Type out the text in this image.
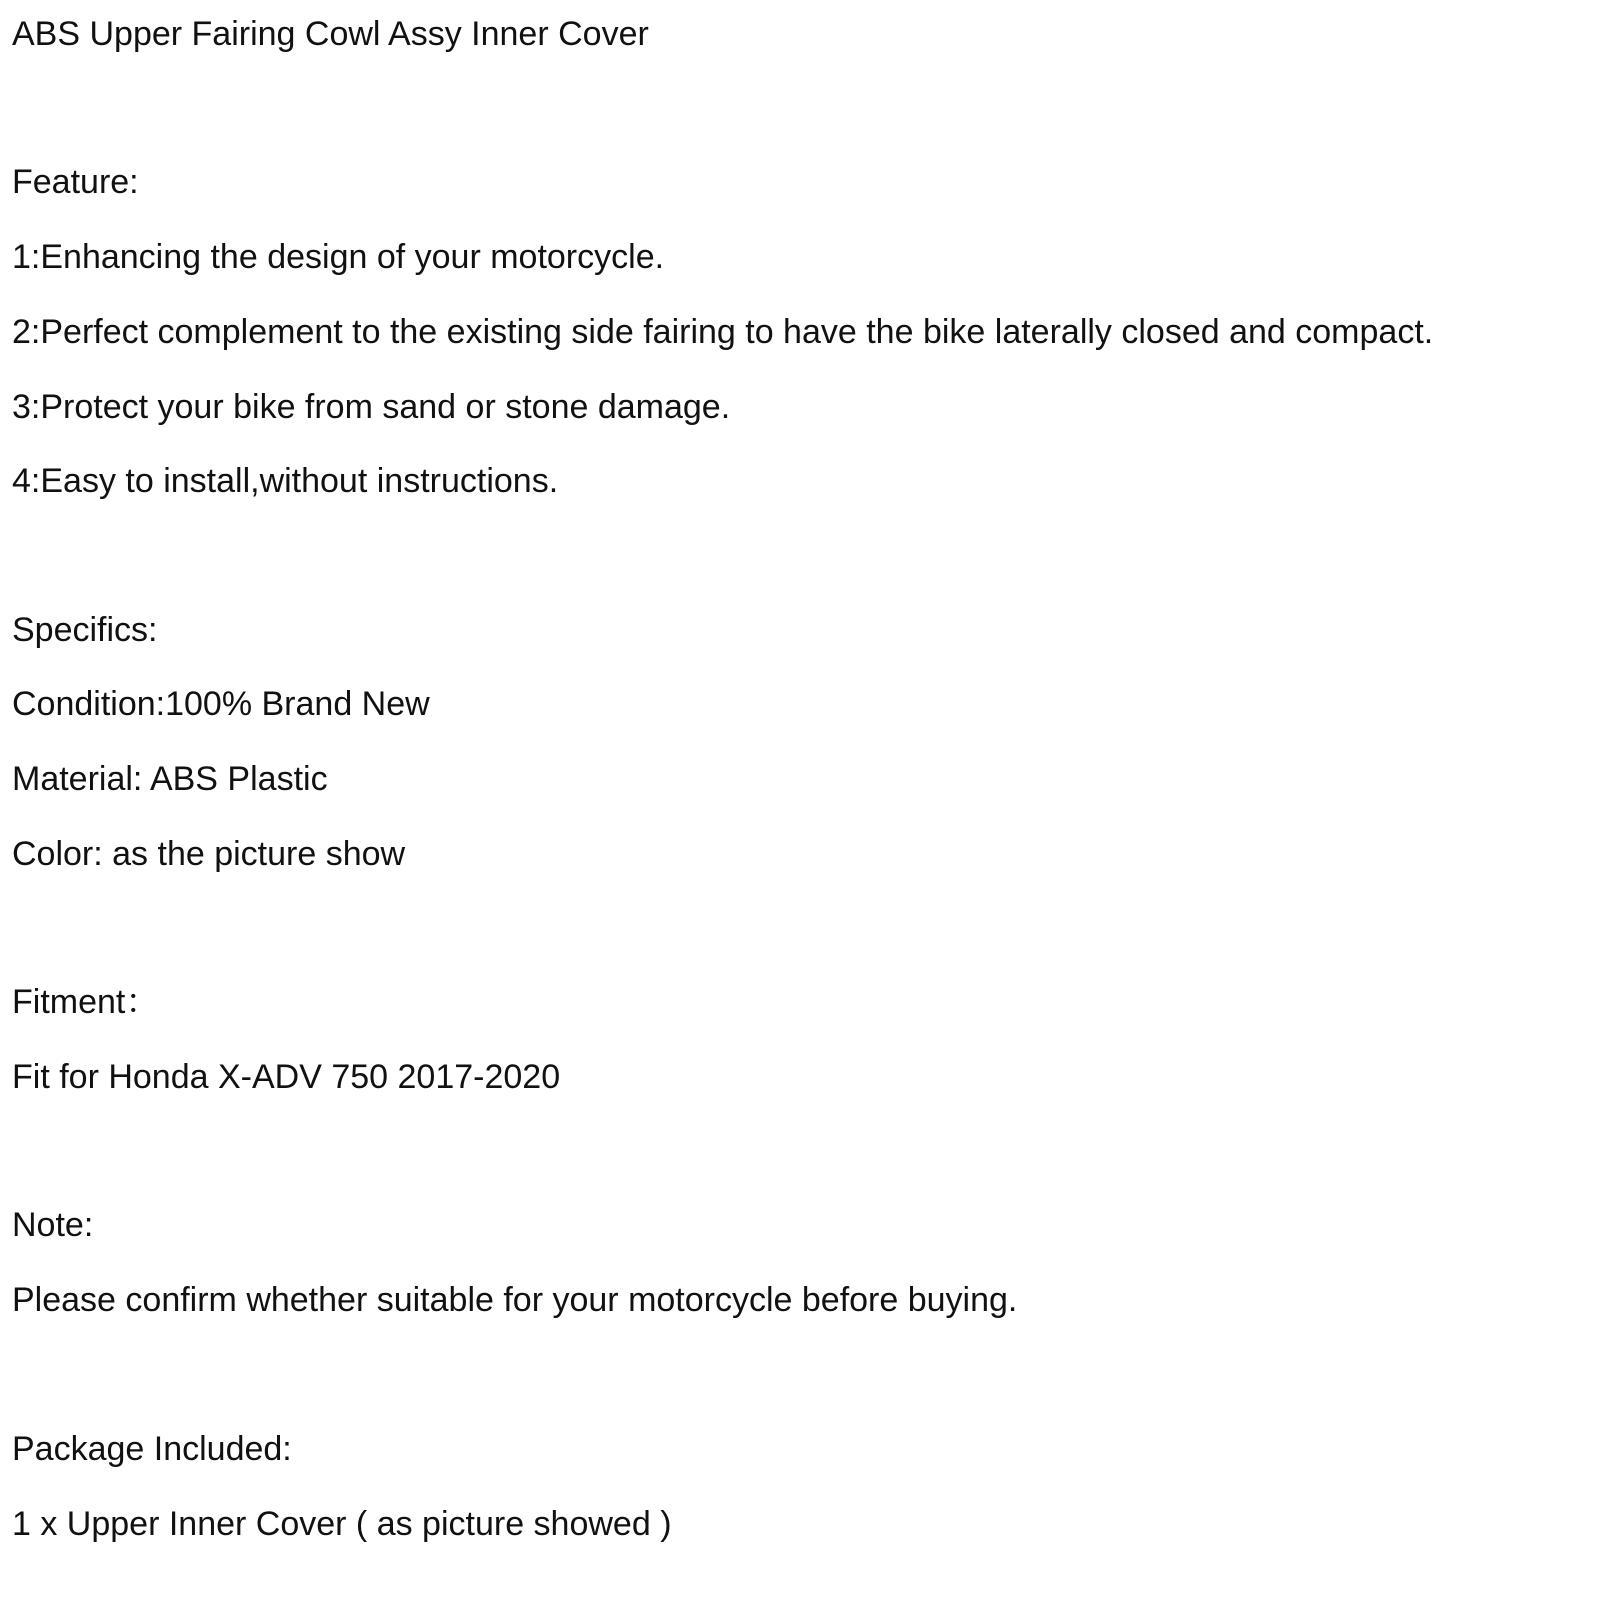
ABS Upper Fairing Cowl Assy Inner Cover
Feature:
1:Enhancing the design of your motorcycle.
2:Perfect complement to the existing side fairing to have the bike laterally closed and compact.
3:Protect your bike from sand or stone damage.
4:Easy to install,without instructions.
Specifics:
Condition:100% Brand New
Material: ABS Plastic
Color: as the picture show
Fitment：
Fit for Honda X-ADV 750 2017-2020
Note:
Please confirm whether suitable for your motorcycle before buying.
Package Included:
1 x Upper Inner Cover ( as picture showed )
